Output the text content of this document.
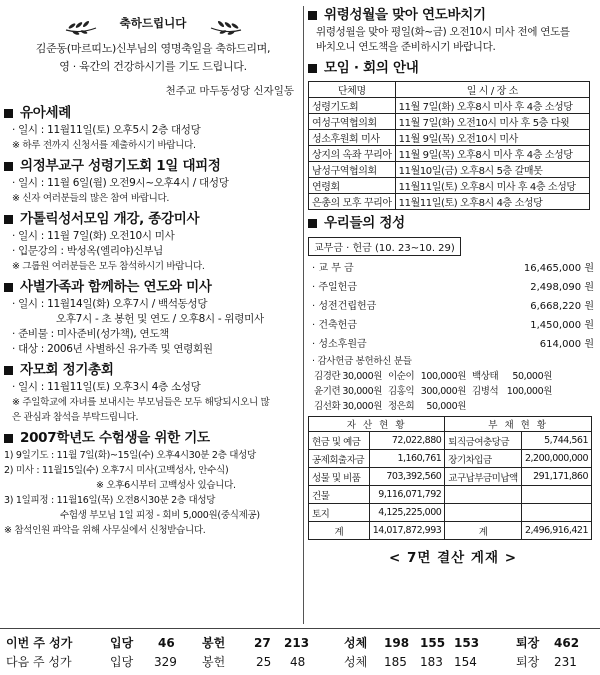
축하드립니다
김준동(마르띠노)신부님의 영명축일을 축하드리며,
영 · 육간의 건강하시기를 기도 드립니다.
천주교 마두동성당 신자일동
유아세례
· 일시 : 11월11일(토) 오후5시 2층 대성당
※ 하루 전까지 신청서를 제출하시기 바랍니다.
의정부교구 성령기도회 1일 대피정
· 일시 : 11월 6일(월) 오전9시~오후4시 / 대성당
※ 신자 여러분들의 많은 참여 바랍니다.
가톨릭성서모임 개강, 종강미사
· 일시 : 11월 7일(화) 오전10시 미사
· 입문강의 : 박성옥(엘리야)신부님
※ 그룹원 여러분들은 모두 참석하시기 바랍니다.
사별가족과 함께하는 연도와 미사
· 일시 : 11월14일(화) 오후7시 / 백석동성당
오후7시 - 초 봉헌 및 연도 / 오후8시 - 위령미사
· 준비물 : 미사준비(성가책), 연도책
· 대상 : 2006년 사별하신 유가족 및 연령회원
자모회 정기총회
· 일시 : 11월11일(토) 오후3시 4층 소성당
※ 주일학교에 자녀를 보내시는 부모님들은 모두 해당되시오니 많
은 관심과 참석을 부탁드립니다.
2007학년도 수험생을 위한 기도
1) 9일기도 : 11월 7일(화)~15일(수) 오후4시30분 2층 대성당
2) 미사 : 11월15일(수) 오후7시 미사(고백성사, 안수식)
※ 오후6시부터 고백성사 있습니다.
3) 1일피정 : 11월16일(목) 오전8시30분 2층 대성당
수험생 부모님 1일 피정 - 회비 5,000원(중식제공)
※ 참석인원 파악을 위해 사무실에서 신청받습니다.
위령성월을 맞아 연도바치기
위령성월을 맞아 평일(화~금) 오전10시 미사 전에 연도를
바치오니 연도책을 준비하시기 바랍니다.
모임 · 회의 안내
단체명	일 시 / 장 소
성령기도회	11월 7일(화) 오후8시 미사 후 4층 소성당
여성구역협의회	11월 7일(화) 오전10시 미사 후 5층 다윗
성소후원회 미사	11월 9일(목) 오전10시 미사
상지의 옥좌 꾸리아	11월 9일(목) 오후8시 미사 후 4층 소성당
남성구역협의회	11월10일(금) 오후8시 5층 갈매못
연령회	11월11일(토) 오후8시 미사 후 4층 소성당
은총의 모후 꾸리아	11월11일(토) 오후8시 4층 소성당
우리들의 정성
교무금 · 헌금 (10. 23~10. 29)
· 교 무 금	16,465,000 원
· 주일헌금	2,498,090 원
· 성전건립헌금	6,668,220 원
· 건축헌금	1,450,000 원
· 성소후원금	614,000 원
· 감사헌금 봉헌하신 분들
김경란 30,000원 이순이 100,000원 백상태	50,000원
윤기련 30,000원 김홍익 300,000원 김병석 100,000원
김선화 30,000원 정은희	50,000원
자 산 현 황		부 채 현 황	
현금 및 예금	72,022,880	퇴직금여충당금	5,744,561
공제회출자금	1,160,761	장기차입금	2,200,000,000
성물 및 비품	703,392,560	교구납부금미납액	291,171,860
건물	9,116,071,792		
토지	4,125,225,000		
계	14,017,872,993	계	2,496,916,421
< 7면 결산 게재 >
이번 주 성가	입당 46 봉헌 27 213	성체 198 155 153	퇴장 462
다음 주 성가	입당 329 봉헌	25 48	성체 185 183 154	퇴장 231
